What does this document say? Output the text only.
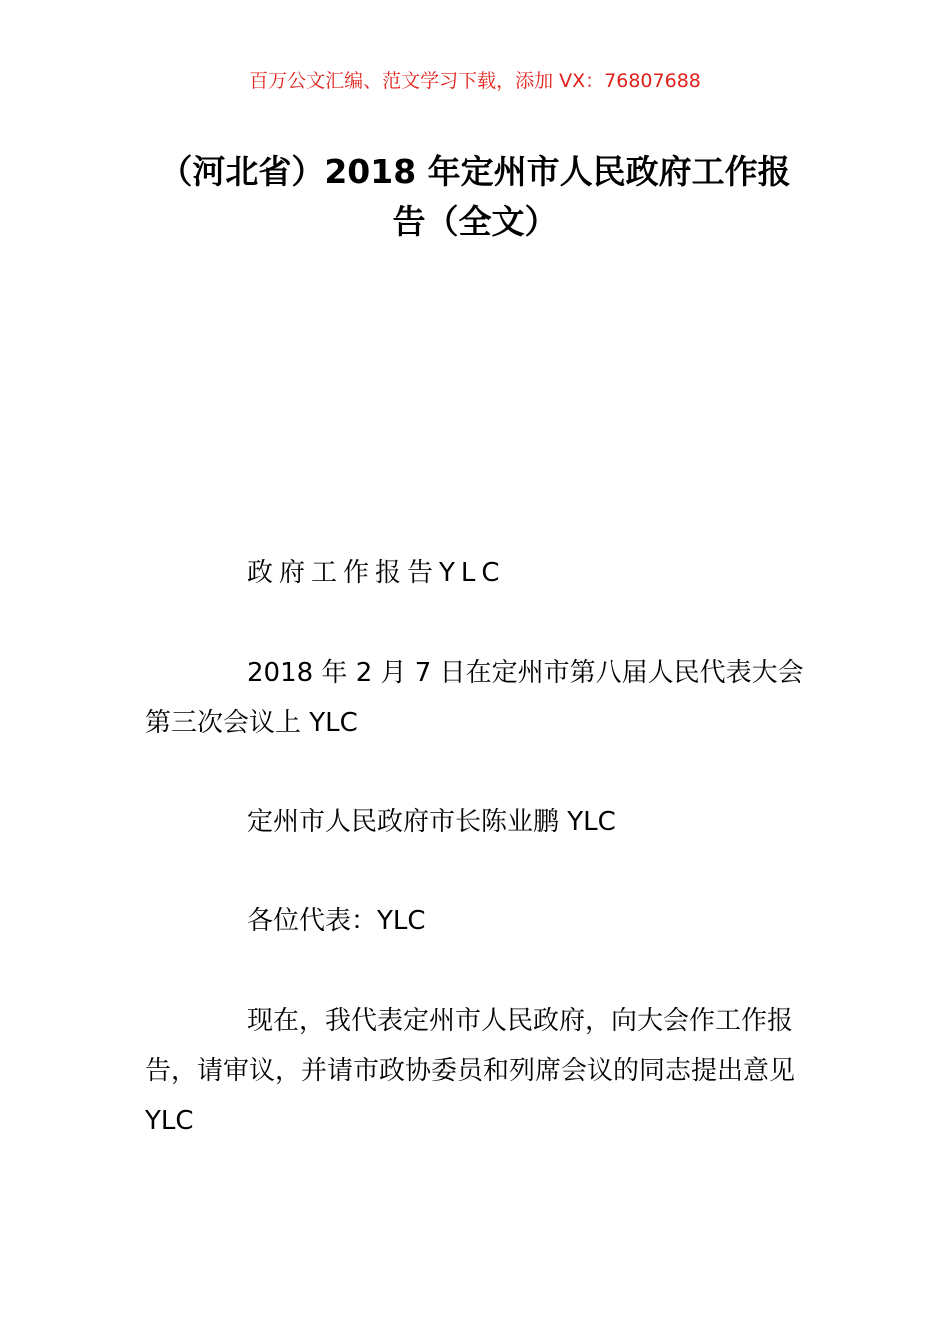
百万公文汇编、范文学习下载，添加 VX：76807688
（河北省）2018 年定州市人民政府工作报告（全文）

政府工作报告YLC

2018 年 2 月 7 日在定州市第八届人民代表大会第三次会议上 YLC

定州市人民政府市长陈业鹏 YLC

各位代表：YLC

现在，我代表定州市人民政府，向大会作工作报告，请审议，并请市政协委员和列席会议的同志提出意见 YLC
